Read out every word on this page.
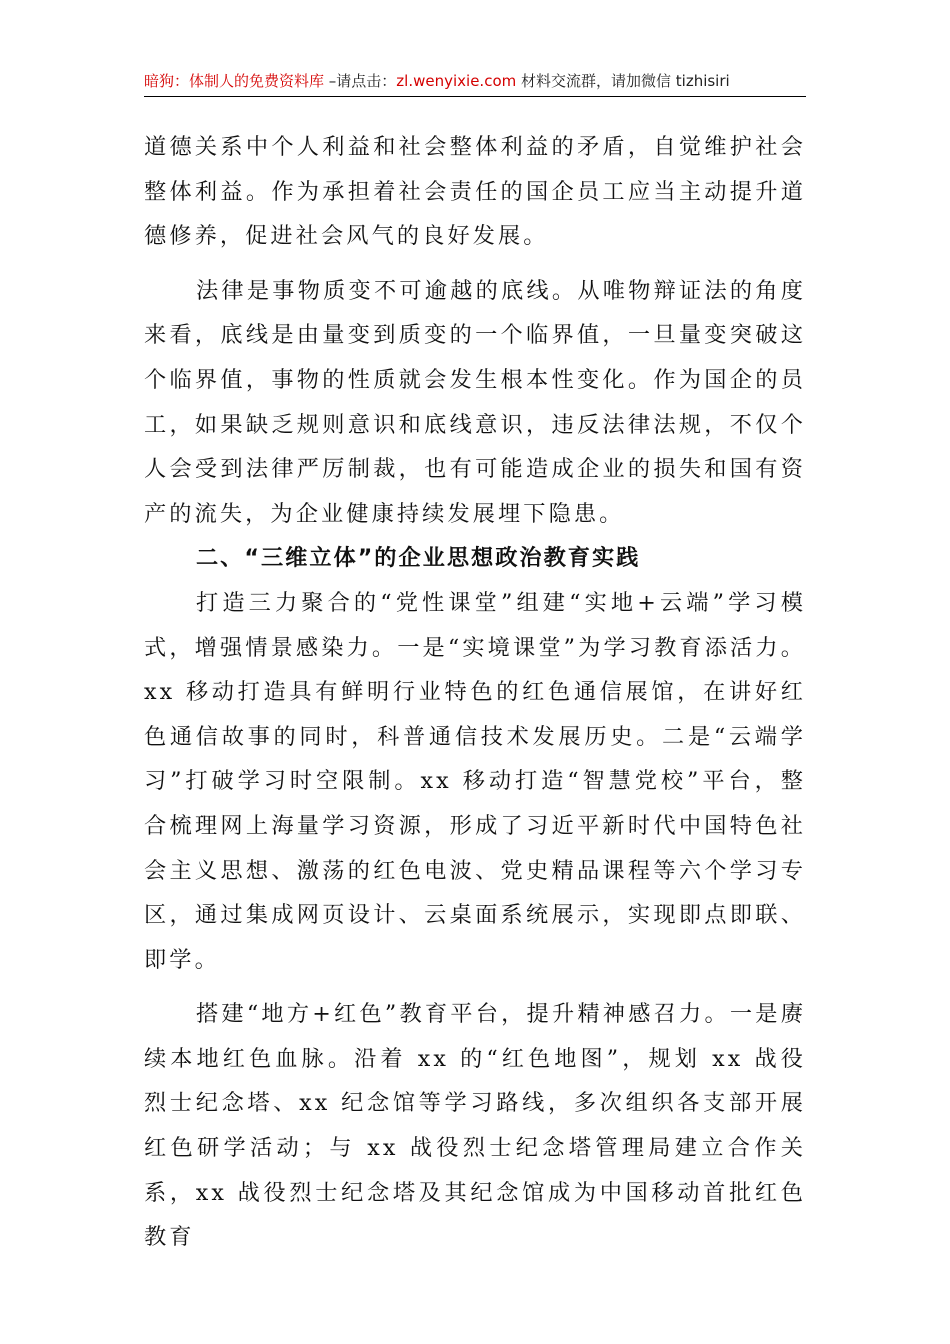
暗狗：体制人的免费资料库 –请点击：zl.wenyixie.com 材料交流群，请加微信 tizhisiri

道德关系中个人利益和社会整体利益的矛盾，自觉维护社会整体利益。作为承担着社会责任的国企员工应当主动提升道德修养，促进社会风气的良好发展。

法律是事物质变不可逾越的底线。从唯物辩证法的角度来看，底线是由量变到质变的一个临界值，一旦量变突破这个临界值，事物的性质就会发生根本性变化。作为国企的员工，如果缺乏规则意识和底线意识，违反法律法规，不仅个人会受到法律严厉制裁，也有可能造成企业的损失和国有资产的流失，为企业健康持续发展埋下隐患。

二、“三维立体”的企业思想政治教育实践

打造三力聚合的“党性课堂”组建“实地+云端”学习模式，增强情景感染力。一是“实境课堂”为学习教育添活力。xx 移动打造具有鲜明行业特色的红色通信展馆，在讲好红色通信故事的同时，科普通信技术发展历史。二是“云端学习”打破学习时空限制。xx 移动打造“智慧党校”平台，整合梳理网上海量学习资源，形成了习近平新时代中国特色社会主义思想、激荡的红色电波、党史精品课程等六个学习专区，通过集成网页设计、云桌面系统展示，实现即点即联、即学。

搭建“地方+红色”教育平台，提升精神感召力。一是赓续本地红色血脉。沿着 xx 的“红色地图”，规划 xx 战役烈士纪念塔、xx 纪念馆等学习路线，多次组织各支部开展红色研学活动；与 xx 战役烈士纪念塔管理局建立合作关系，xx 战役烈士纪念塔及其纪念馆成为中国移动首批红色教育
